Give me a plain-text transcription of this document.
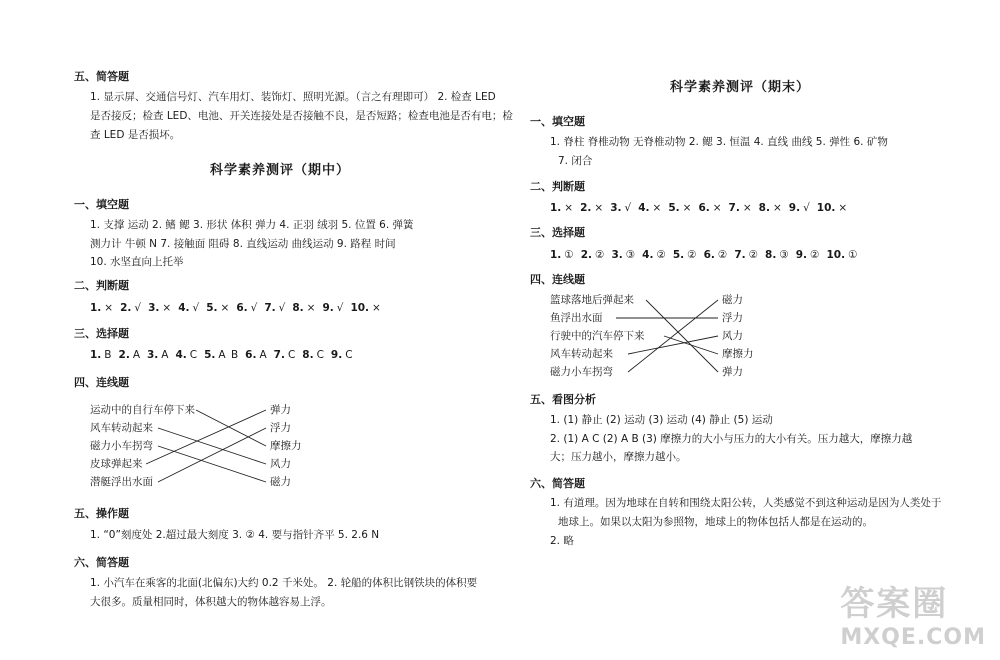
五、简答题
1. 显示屏、交通信号灯、汽车用灯、装饰灯、照明光源。（言之有理即可） 2. 检查 LED
是否接反；检查 LED、电池、开关连接处是否接触不良，是否短路；检查电池是否有电；检
查 LED 是否损坏。
科学素养测评（期中）
一、填空题
1. 支撑 运动 2. 鳍 鳃 3. 形状 体积 弹力 4. 正羽 绒羽 5. 位置 6. 弹簧
测力计 牛顿 N 7. 接触面 阻碍 8. 直线运动 曲线运动 9. 路程 时间
10. 水坚直向上托举
二、判断题
1. × 2. √ 3. × 4. √ 5. × 6. √ 7. √ 8. × 9. √ 10. ×
三、选择题
1. B 2. A 3. A 4. C 5. A B 6. A 7. C 8. C 9. C
四、连线题
运动中的自行车停下来
风车转动起来
磁力小车拐弯
皮球弹起来
潜艇浮出水面
弹力
浮力
摩擦力
风力
磁力
五、操作题
1. “0”刻度处 2.超过最大刻度 3. ② 4. 要与指针齐平 5. 2.6 N
六、简答题
1. 小汽车在乘客的北面(北偏东)大约 0.2 千米处。 2. 轮船的体积比钢铁块的体积要
大很多。质量相同时，体积越大的物体越容易上浮。
科学素养测评（期末）
一、填空题
1. 脊柱 脊椎动物 无脊椎动物 2. 鳃 3. 恒温 4. 直线 曲线 5. 弹性 6. 矿物
7. 闭合
二、判断题
1. × 2. × 3. √ 4. × 5. × 6. × 7. × 8. × 9. √ 10. ×
三、选择题
1. ① 2. ② 3. ③ 4. ② 5. ② 6. ② 7. ② 8. ③ 9. ② 10. ①
四、连线题
篮球落地后弹起来
鱼浮出水面
行驶中的汽车停下来
风车转动起来
磁力小车拐弯
磁力
浮力
风力
摩擦力
弹力
五、看图分析
1. (1) 静止 (2) 运动 (3) 运动 (4) 静止 (5) 运动
2. (1) A C (2) A B (3) 摩擦力的大小与压力的大小有关。压力越大，摩擦力越
大；压力越小，摩擦力越小。
六、简答题
1. 有道理。因为地球在自转和围绕太阳公转，人类感觉不到这种运动是因为人类处于
地球上。如果以太阳为参照物，地球上的物体包括人都是在运动的。
2. 略
答案圈
MXQE.COM
